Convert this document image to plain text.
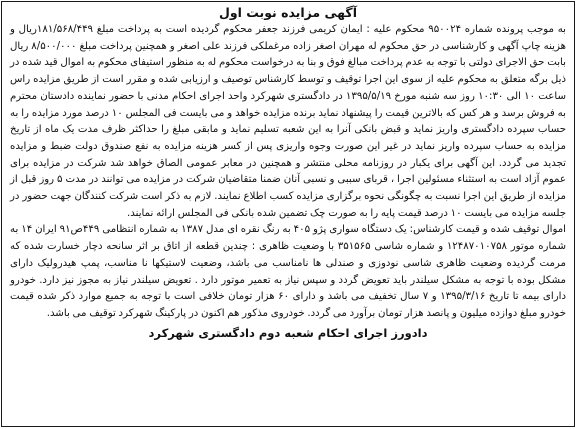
آگهی مزایده نوبت اول

به موجب پرونده شماره ۹۵۰۰۲۴ محکوم علیه : ایمان کریمی فرزند جعفر محکوم گردیده است به پرداخت مبلغ ۱۸۱/۵۶۸/۴۴۹ریال و هزینه چاپ آگهی و کارشناسی در حق محکوم له مهران اصغر زاده مرغملکی فرزند علی اصغر و همچنین پرداخت مبلغ ۸/۵۰۰/۰۰۰ ریال بابت حق الاجرای دولتی با توجه به عدم پرداخت مبالغ فوق و بنا به درخواست محکوم له به منظور استیفای محکوم به اموال قید شده در ذیل برگه متعلق به محکوم علیه از سوی این اجرا توقیف و توسط کارشناس توصیف و ارزیابی شده و مقرر است از طریق مزایده راس ساعت ۱۰ الی ۱۰:۳۰ روز سه شنبه مورخ ۱۳۹۵/۵/۱۹ در دادگستری شهرکرد واحد اجرای احکام مدنی با حضور نماینده دادستان محترم به فروش برسد و هر کس که بالاترین قیمت را پیشنهاد نماید برنده مزایده خواهد و می بایست فی المجلس ۱۰ درصد مورد مزایده را به حساب سپرده دادگستری واریز نماید و قبض بانکی آنرا به این شعبه تسلیم نماید و مابقی مبلغ را حداکثر ظرف مدت یک ماه از تاریخ مزایده به حساب سپرده واریز نماید در غیر این صورت وجوه واریزی پس از کسر هزینه مزایده به نفع صندوق دولت ضبط و مزایده تجدید می گردد. این آگهی برای یکبار در روزنامه محلی منتشر و همچنین در معابر عمومی الصاق خواهد شد شرکت در مزایده برای عموم آزاد است به استثناء مسئولین اجرا ، قربای سببی و نسبی آنان ضمنا متقاضیان شرکت در مزایده می توانند در مدت ۵ روز قبل از مزایده از طریق این اجرا نسبت به چگونگی نحوه برگزاری مزایده کسب اطلاع نمایند. لازم به ذکر است شرکت کنندگان جهت حضور در جلسه مزایده می بایست ۱۰ درصد قیمت پایه را به صورت چک تضمین شده بانکی فی المجلس ارائه نمایند.

اموال توقیف شده و قیمت کارشناس: یک دستگاه سواری پژو ۴۰۵ به رنگ نقره ای مدل ۱۳۸۷ به شماره انتظامی ۴۴۹ص۹۱ ایران ۱۴ به شماره موتور ۱۲۴۸۷۰۱۰۷۵۸ و شماره شاسی ۳۵۱۵۶۵ با وضعیت ظاهری : چندین قطعه از اتاق بر اثر سانحه دچار خسارت شده که مرمت گردیده وضعیت ظاهری شاسی نودوزی و صندلی ها نامناسب می باشد، وضعیت لاستیکها نا مناسب، پمپ هیدرولیک دارای مشکل بوده با توجه به مشکل سیلندر باید تعویض گردد و سپس نیاز به تعمیر موتور دارد . تعویض سیلندر نیاز به مجوز نیز دارد. خودرو دارای بیمه تا تاریخ ۱۳۹۵/۳/۱۶ و ۷ سال تخفیف می باشد و دارای ۶۰ هزار تومان خلافی است با توجه به جمیع موارد ذکر شده قیمت خودرو مبلغ دوازده میلیون و پانصد هزار تومان برآورد می گردد. خودروی مذکور هم اکنون در پارکینگ شهرکرد توقیف می باشد.

دادورز اجرای احکام شعبه دوم دادگستری شهرکرد
